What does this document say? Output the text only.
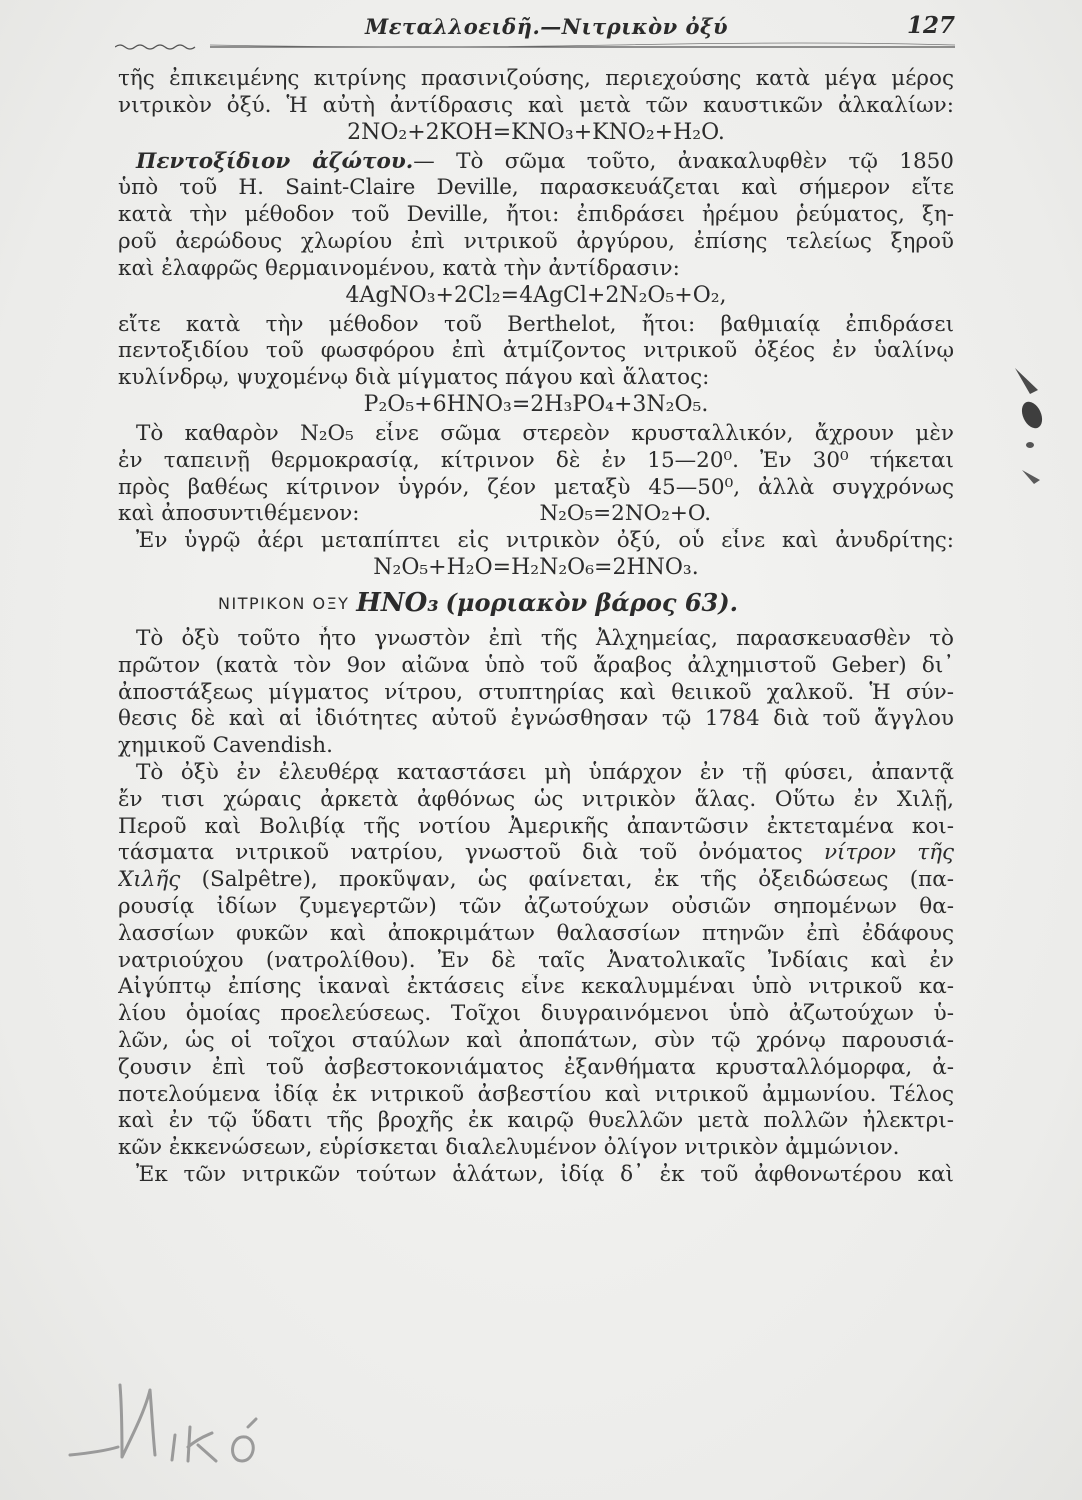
Μεταλλοειδῆ.—Νιτρικὸν ὀξύ	127
τῆς ἐπικειμένης κιτρίνης πρασινιζούσης, περιεχούσης κατὰ μέγα μέρος
νιτρικὸν ὀξύ. Ἡ αὐτὴ ἀντίδρασις καὶ μετὰ τῶν καυστικῶν ἀλκαλίων:
2NO₂+2KOH=KNO₃+KNO₂+H₂O.
Πεντοξίδιον ἀζώτου.— Τὸ σῶμα τοῦτο, ἀνακαλυφθὲν τῷ 1850
ὑπὸ τοῦ H. Saint-Claire Deville, παρασκευάζεται καὶ σήμερον εἴτε
κατὰ τὴν μέθοδον τοῦ Deville, ἤτοι: ἐπιδράσει ἠρέμου ῥεύματος, ξη-
ροῦ ἀερώδους χλωρίου ἐπὶ νιτρικοῦ ἀργύρου, ἐπίσης τελείως ξηροῦ
καὶ ἐλαφρῶς θερμαινομένου, κατὰ τὴν ἀντίδρασιν:
4AgNO₃+2Cl₂=4AgCl+2N₂O₅+O₂,
εἴτε κατὰ τὴν μέθοδον τοῦ Berthelot, ἤτοι: βαθμιαίᾳ ἐπιδράσει
πεντοξιδίου τοῦ φωσφόρου ἐπὶ ἀτμίζοντος νιτρικοῦ ὀξέος ἐν ὑαλίνῳ
κυλίνδρῳ, ψυχομένῳ διὰ μίγματος πάγου καὶ ἅλατος:
P₂O₅+6HNO₃=2H₃PO₄+3N₂O₅.
Τὸ καθαρὸν N₂O₅ εἶνε σῶμα στερεὸν κρυσταλλικόν, ἄχρουν μὲν
ἐν ταπεινῇ θερμοκρασίᾳ, κίτρινον δὲ ἐν 15—20⁰. Ἐν 30⁰ τήκεται
πρὸς βαθέως κίτρινον ὑγρόν, ζέον μεταξὺ 45—50⁰, ἀλλὰ συγχρόνως
καὶ ἀποσυντιθέμενον:	N₂O₅=2NO₂+O.
Ἐν ὑγρῷ ἀέρι μεταπίπτει εἰς νιτρικὸν ὀξύ, οὗ εἶνε καὶ ἀνυδρίτης:
N₂O₅+H₂O=H₂N₂O₆=2HNO₃.
ΝΙΤΡΙΚΟΝ ΟΞΥ HNO₃ (μοριακὸν βάρος 63).
Τὸ ὀξὺ τοῦτο ἦτο γνωστὸν ἐπὶ τῆς Ἀλχημείας, παρασκευασθὲν τὸ
πρῶτον (κατὰ τὸν 9ον αἰῶνα ὑπὸ τοῦ ἄραβος ἀλχημιστοῦ Geber) δι᾽
ἀποστάξεως μίγματος νίτρου, στυπτηρίας καὶ θειικοῦ χαλκοῦ. Ἡ σύν-
θεσις δὲ καὶ αἱ ἰδιότητες αὐτοῦ ἐγνώσθησαν τῷ 1784 διὰ τοῦ ἄγγλου
χημικοῦ Cavendish.
Τὸ ὀξὺ ἐν ἐλευθέρᾳ καταστάσει μὴ ὑπάρχον ἐν τῇ φύσει, ἀπαντᾷ
ἔν τισι χώραις ἀρκετὰ ἀφθόνως ὡς νιτρικὸν ἅλας. Οὕτω ἐν Χιλῇ,
Περοῦ καὶ Βολιβίᾳ τῆς νοτίου Ἀμερικῆς ἀπαντῶσιν ἐκτεταμένα κοι-
τάσματα νιτρικοῦ νατρίου, γνωστοῦ διὰ τοῦ ὀνόματος νίτρον τῆς
Χιλῆς (Salpêtre), προκῦψαν, ὡς φαίνεται, ἐκ τῆς ὀξειδώσεως (πα-
ρουσίᾳ ἰδίων ζυμεγερτῶν) τῶν ἀζωτούχων οὐσιῶν σηπομένων θα-
λασσίων φυκῶν καὶ ἀποκριμάτων θαλασσίων πτηνῶν ἐπὶ ἐδάφους
νατριούχου (νατρολίθου). Ἐν δὲ ταῖς Ἀνατολικαῖς Ἰνδίαις καὶ ἐν
Αἰγύπτῳ ἐπίσης ἱκαναὶ ἐκτάσεις εἶνε κεκαλυμμέναι ὑπὸ νιτρικοῦ κα-
λίου ὁμοίας προελεύσεως. Τοῖχοι διυγραινόμενοι ὑπὸ ἀζωτούχων ὑ-
λῶν, ὡς οἱ τοῖχοι σταύλων καὶ ἀποπάτων, σὺν τῷ χρόνῳ παρουσιά-
ζουσιν ἐπὶ τοῦ ἀσβεστοκονιάματος ἐξανθήματα κρυσταλλόμορφα, ἀ-
ποτελούμενα ἰδίᾳ ἐκ νιτρικοῦ ἀσβεστίου καὶ νιτρικοῦ ἀμμωνίου. Τέλος
καὶ ἐν τῷ ὕδατι τῆς βροχῆς ἐκ καιρῷ θυελλῶν μετὰ πολλῶν ἠλεκτρι-
κῶν ἐκκενώσεων, εὑρίσκεται διαλελυμένον ὀλίγον νιτρικὸν ἀμμώνιον.
Ἐκ τῶν νιτρικῶν τούτων ἁλάτων, ἰδίᾳ δ᾽ ἐκ τοῦ ἀφθονωτέρου καὶ
Νικό
